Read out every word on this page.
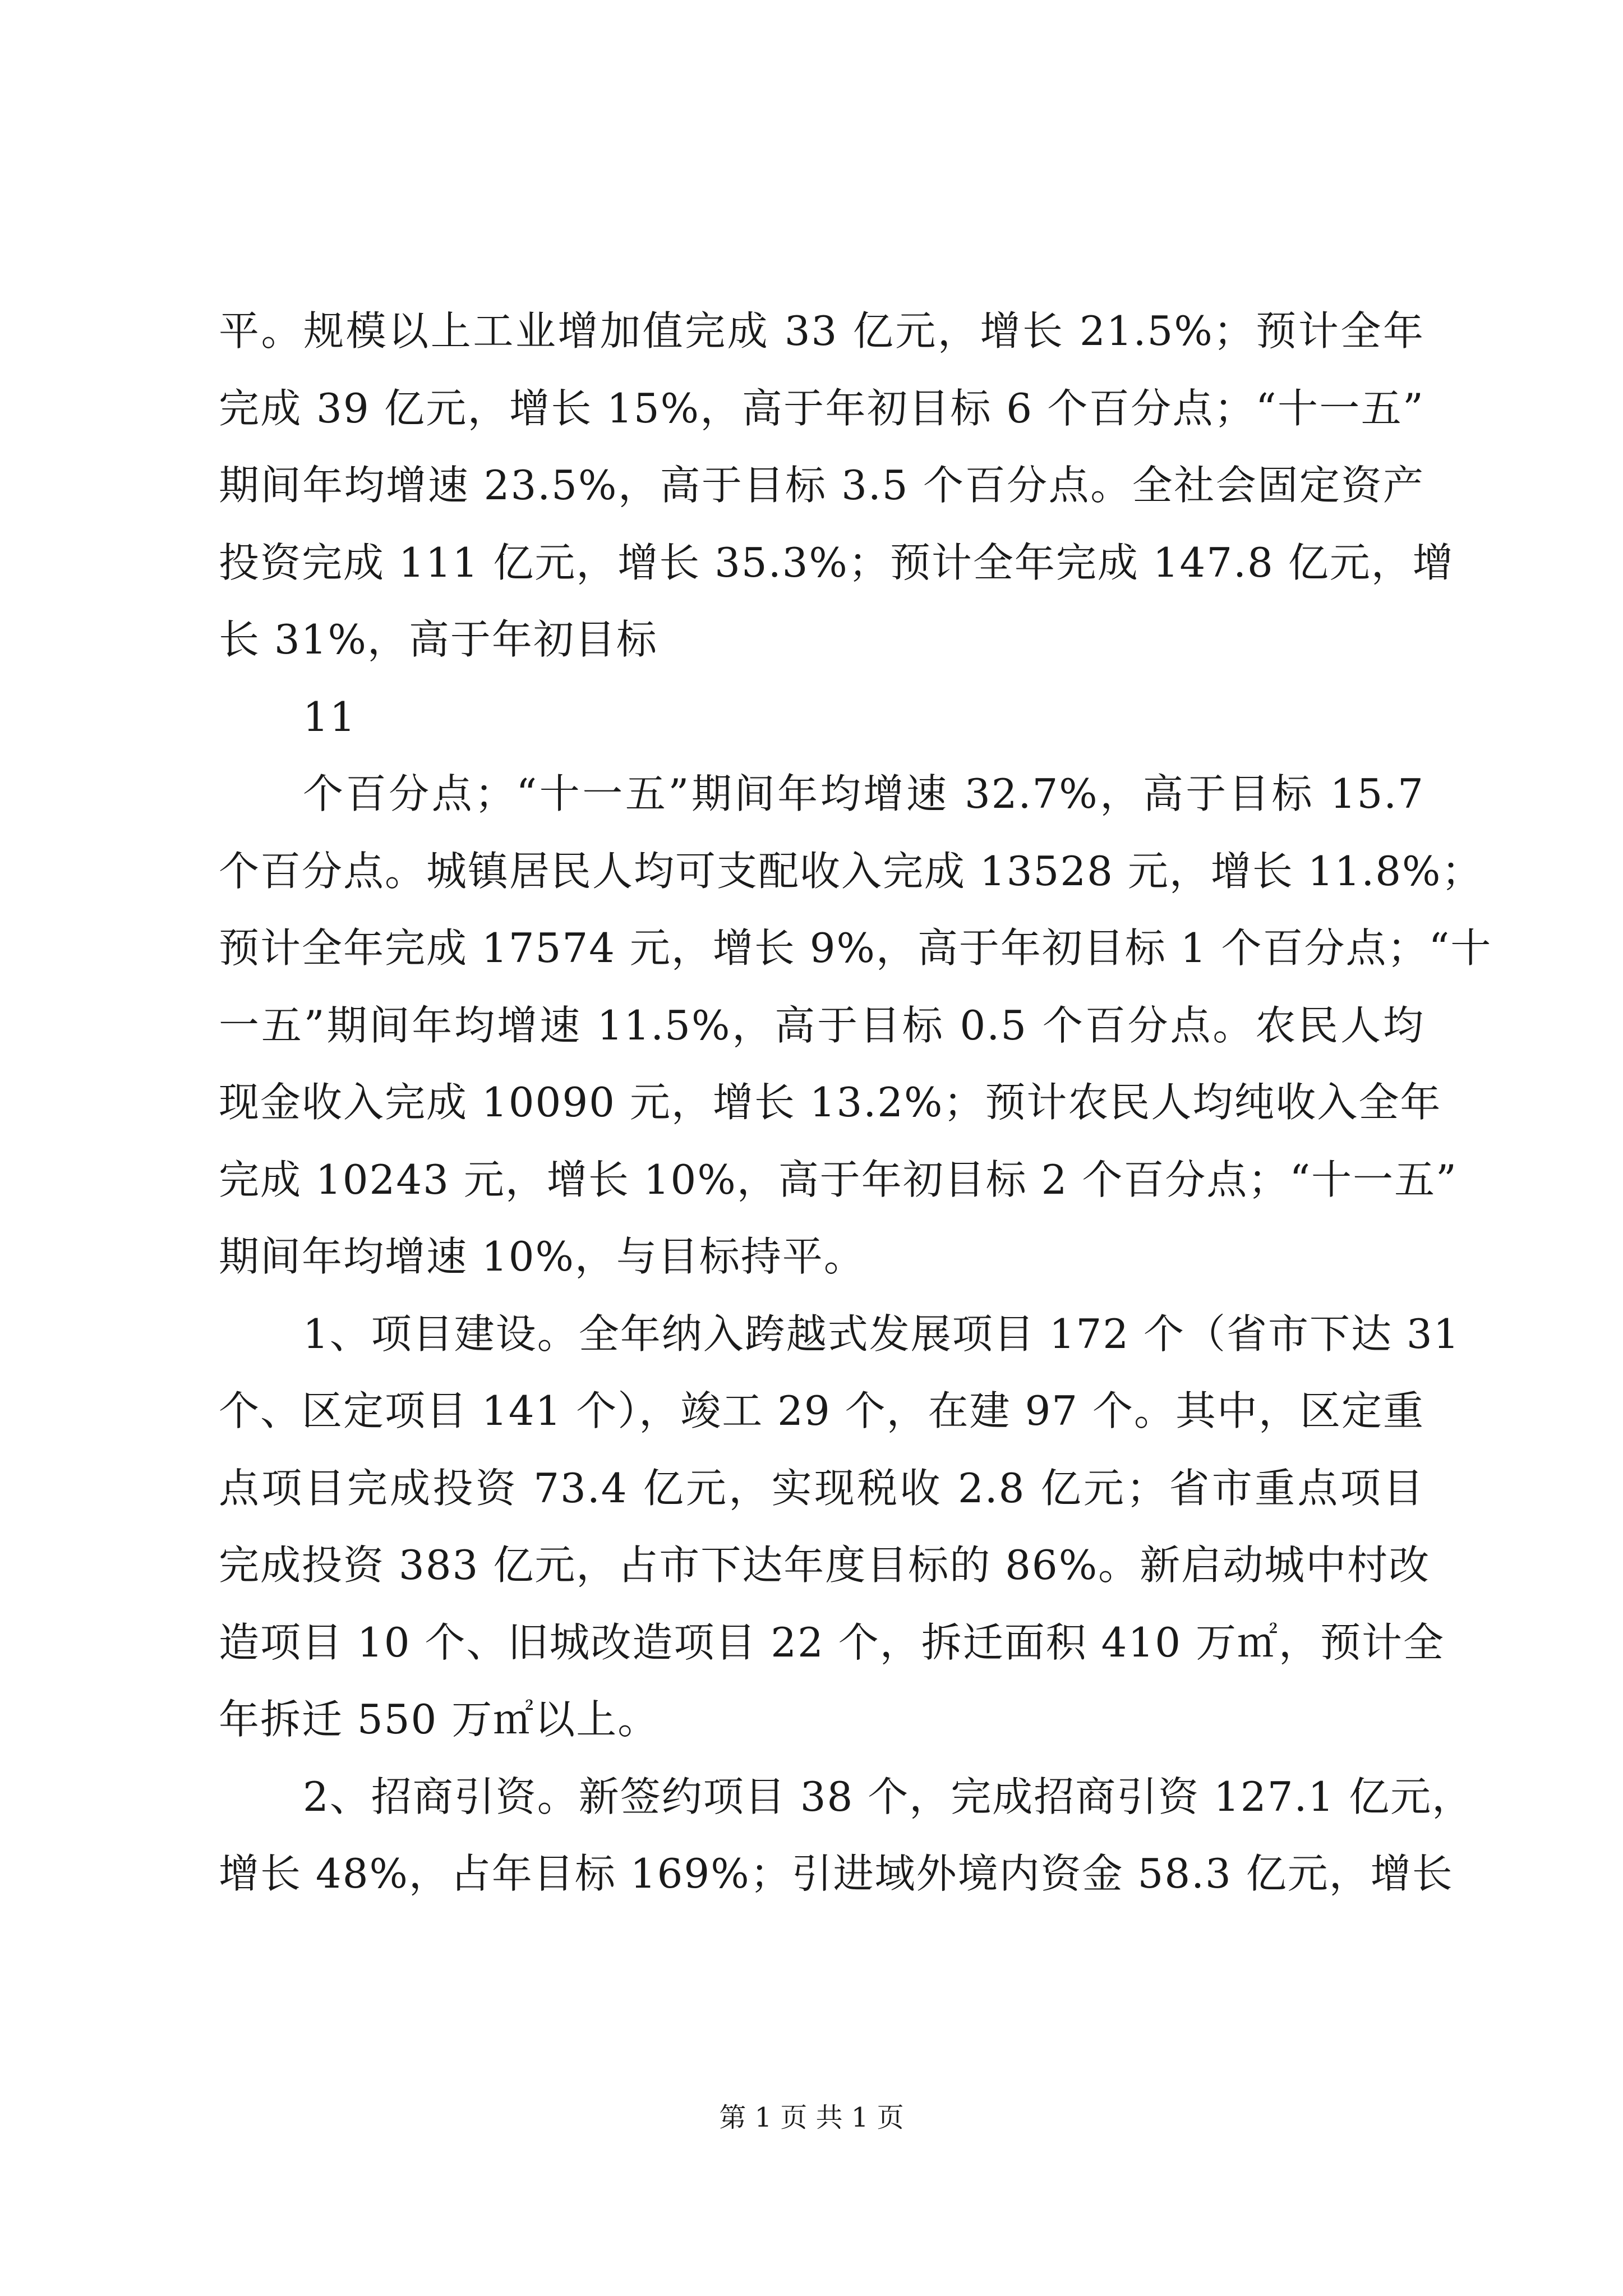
平。规模以上工业增加值完成 33 亿元，增长 21.5%；预计全年
完成 39 亿元，增长 15%，高于年初目标 6 个百分点；“十一五”
期间年均增速 23.5%，高于目标 3.5 个百分点。全社会固定资产
投资完成 111 亿元，增长 35.3%；预计全年完成 147.8 亿元，增
长 31%，高于年初目标
11
个百分点；“十一五”期间年均增速 32.7%，高于目标 15.7
个百分点。城镇居民人均可支配收入完成 13528 元，增长 11.8%；
预计全年完成 17574 元，增长 9%，高于年初目标 1 个百分点；“十
一五”期间年均增速 11.5%，高于目标 0.5 个百分点。农民人均
现金收入完成 10090 元，增长 13.2%；预计农民人均纯收入全年
完成 10243 元，增长 10%，高于年初目标 2 个百分点；“十一五”
期间年均增速 10%，与目标持平。
1、项目建设。全年纳入跨越式发展项目 172 个（省市下达 31
个、区定项目 141 个），竣工 29 个，在建 97 个。其中，区定重
点项目完成投资 73.4 亿元，实现税收 2.8 亿元；省市重点项目
完成投资 383 亿元，占市下达年度目标的 86%。新启动城中村改
造项目 10 个、旧城改造项目 22 个，拆迁面积 410 万㎡，预计全
年拆迁 550 万㎡以上。
2、招商引资。新签约项目 38 个，完成招商引资 127.1 亿元，
增长 48%，占年目标 169%；引进域外境内资金 58.3 亿元，增长
第 1 页 共 1 页
